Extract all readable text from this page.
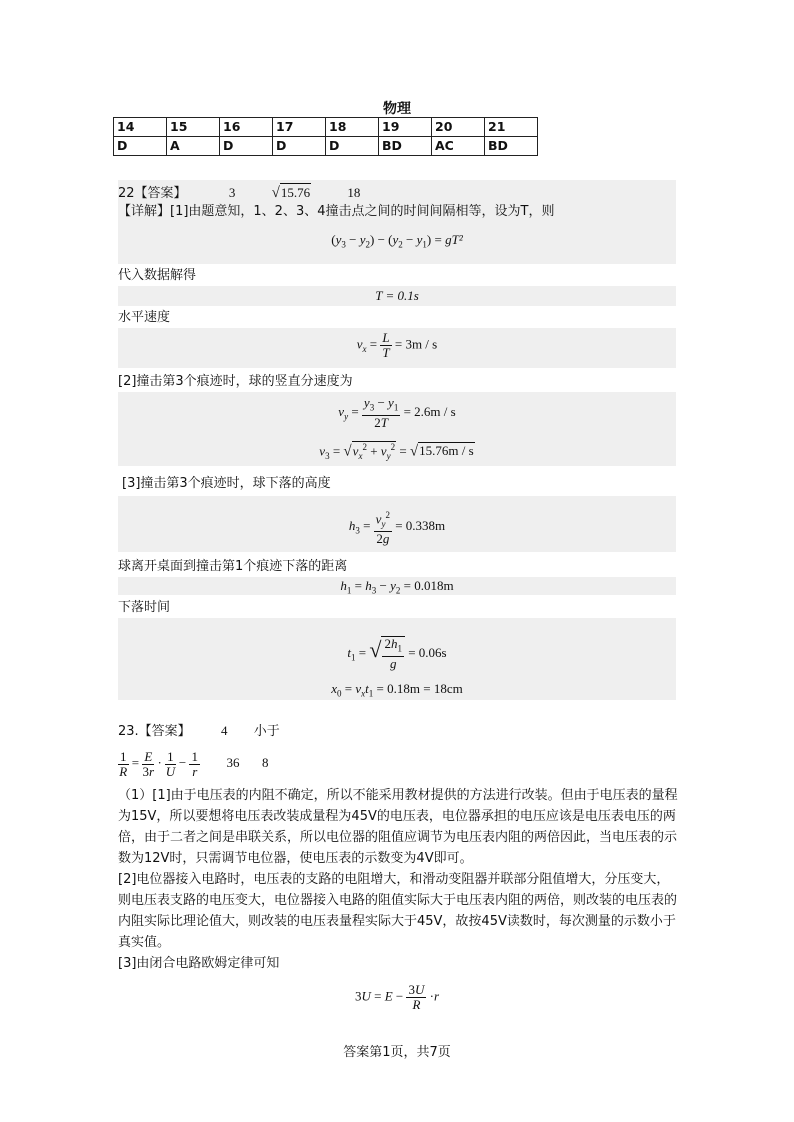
物理
14	15	16	17	18	19	20	21
D	A	D	D	D	BD	AC	BD
22【答案】	3 √15.76	18
【详解】[1]由题意知，1、2、3、4撞击点之间的时间间隔相等，设为T，则
$(y_3 - y_2) - (y_2 - y_1) = gT^2$
代入数据解得
T = 0.1s
水平速度
$v_x = \frac{L}{T} = 3m / s$
[2]撞击第3个痕迹时，球的竖直分速度为
$v_y = \frac{y_3 - y_1}{2T} = 2.6m / s$
$v_3 = √v_x^2 + v_y^2 = √15.76m / s$
[3]撞击第3个痕迹时，球下落的高度
$h_3 = \frac{v_y^2}{2g} = 0.338m$
球离开桌面到撞击第1个痕迹下落的距离
$h_1 = h_3 - y_2 = 0.018m$
下落时间
$t_1$ = √ $\frac{2h_1}{g} = 0.06s$
$x_0 = v_xt_1 = 0.18m = 18cm$
23.【答案】 4 小于
$\frac{1}{R} = \frac{E}{3r} \cdot \frac{1}{U} - \frac{1}{r} 36$ 8
（1）[1]由于电压表的内阻不确定，所以不能采用教材提供的方法进行改装。但由于电压表的量程为15V，所以要想将电压表改装成量程为45V的电压表，电位器承担的电压应该是电压表电压的两倍，由于二者之间是串联关系，所以电位器的阻值应调节为电压表内阻的两倍因此，当电压表的示数为12V时，只需调节电位器，使电压表的示数变为4V即可。
[2]电位器接入电路时，电压表的支路的电阻增大，和滑动变阻器并联部分阻值增大，分压变大，则电压表支路的电压变大，电位器接入电路的阻值实际大于电压表内阻的两倍，则改装的电压表的内阻实际比理论值大，则改装的电压表量程实际大于45V，故按45V读数时，每次测量的示数小于真实值。
[3]由闭合电路欧姆定律可知
$3U = E - \frac{3U}{R} \cdot r$
答案第1页，共7页
